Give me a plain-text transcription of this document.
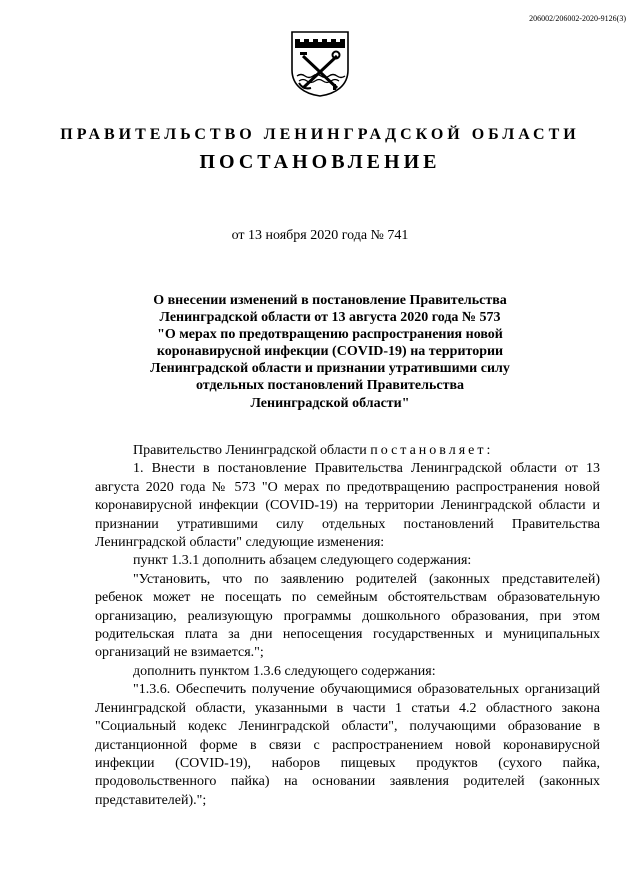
206002/206002-2020-9126(3)
ПРАВИТЕЛЬСТВО ЛЕНИНГРАДСКОЙ ОБЛАСТИ
ПОСТАНОВЛЕНИЕ
от 13 ноября 2020 года № 741
О внесении изменений в постановление Правительства
Ленинградской области от 13 августа 2020 года № 573
"О мерах по предотвращению распространения новой
коронавирусной инфекции (COVID-19) на территории
Ленинградской области и признании утратившими силу
отдельных постановлений Правительства
Ленинградской области"

Правительство Ленинградской области постановляет:

1. Внести в постановление Правительства Ленинградской области от 13 августа 2020 года № 573 "О мерах по предотвращению распространения новой коронавирусной инфекции (COVID-19) на территории Ленинградской области и признании утратившими силу отдельных постановлений Правительства Ленинградской области" следующие изменения:

пункт 1.3.1 дополнить абзацем следующего содержания:

"Установить, что по заявлению родителей (законных представителей) ребенок может не посещать по семейным обстоятельствам образовательную организацию, реализующую программы дошкольного образования, при этом родительская плата за дни непосещения государственных и муниципальных организаций не взимается.";

дополнить пунктом 1.3.6 следующего содержания:

"1.3.6. Обеспечить получение обучающимися образовательных организаций Ленинградской области, указанными в части 1 статьи 4.2 областного закона "Социальный кодекс Ленинградской области", получающими образование в дистанционной форме в связи с распространением новой коронавирусной инфекции (COVID-19), наборов пищевых продуктов (сухого пайка, продовольственного пайка) на основании заявления родителей (законных представителей).";
